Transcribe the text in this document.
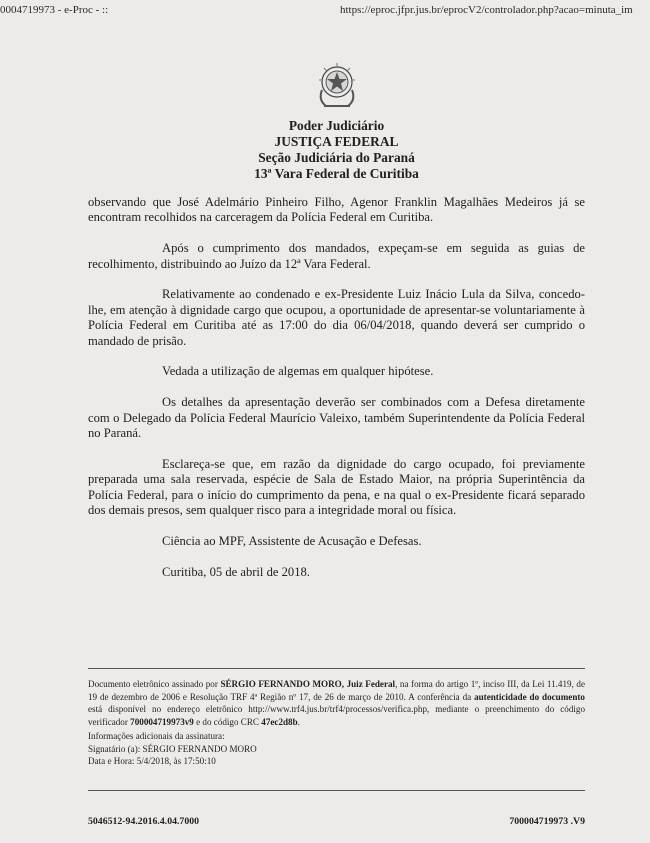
0004719973 - e-Proc - ::	https://eproc.jfpr.jus.br/eprocV2/controlador.php?acao=minuta_im
Poder Judiciário
JUSTIÇA FEDERAL
Seção Judiciária do Paraná
13ª Vara Federal de Curitiba

observando que José Adelmário Pinheiro Filho, Agenor Franklin Magalhães Medeiros já se encontram recolhidos na carceragem da Polícia Federal em Curitiba.

Após o cumprimento dos mandados, expeçam-se em seguida as guias de recolhimento, distribuindo ao Juízo da 12ª Vara Federal.

Relativamente ao condenado e ex-Presidente Luiz Inácio Lula da Silva, concedo-lhe, em atenção à dignidade cargo que ocupou, a oportunidade de apresentar-se voluntariamente à Polícia Federal em Curitiba até as 17:00 do dia 06/04/2018, quando deverá ser cumprido o mandado de prisão.

Vedada a utilização de algemas em qualquer hipótese.

Os detalhes da apresentação deverão ser combinados com a Defesa diretamente com o Delegado da Polícia Federal Maurício Valeixo, também Superintendente da Polícia Federal no Paraná.

Esclareça-se que, em razão da dignidade do cargo ocupado, foi previamente preparada uma sala reservada, espécie de Sala de Estado Maior, na própria Superintência da Polícia Federal, para o início do cumprimento da pena, e na qual o ex-Presidente ficará separado dos demais presos, sem qualquer risco para a integridade moral ou física.

Ciência ao MPF, Assistente de Acusação e Defesas.

Curitiba, 05 de abril de 2018.

Documento eletrônico assinado por SÉRGIO FERNANDO MORO, Juiz Federal, na forma do artigo 1º, inciso III, da Lei 11.419, de 19 de dezembro de 2006 e Resolução TRF 4ª Região nº 17, de 26 de março de 2010. A conferência da autenticidade do documento está disponível no endereço eletrônico http://www.trf4.jus.br/trf4/processos/verifica.php, mediante o preenchimento do código verificador 700004719973v9 e do código CRC 47ec2d8b.

Informações adicionais da assinatura:
Signatário (a): SÉRGIO FERNANDO MORO
Data e Hora: 5/4/2018, às 17:50:10
5046512-94.2016.4.04.7000	700004719973 .V9
